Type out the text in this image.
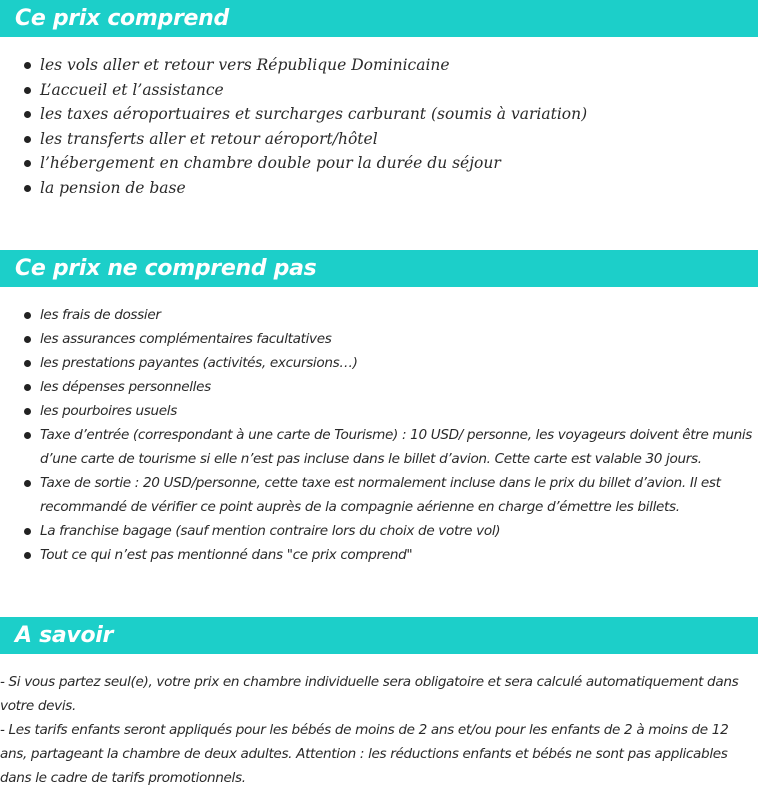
Ce prix comprend
les vols aller et retour vers République Dominicaine
L’accueil et l’assistance
les taxes aéroportuaires et surcharges carburant (soumis à variation)
les transferts aller et retour aéroport/hôtel
l’hébergement en chambre double pour la durée du séjour
la pension de base
Ce prix ne comprend pas
les frais de dossier
les assurances complémentaires facultatives
les prestations payantes (activités, excursions…)
les dépenses personnelles
les pourboires usuels
Taxe d’entrée (correspondant à une carte de Tourisme) : 10 USD/ personne, les voyageurs doivent être munis d’une carte de tourisme si elle n’est pas incluse dans le billet d’avion. Cette carte est valable 30 jours.
Taxe de sortie : 20 USD/personne, cette taxe est normalement incluse dans le prix du billet d’avion. Il est recommandé de vérifier ce point auprès de la compagnie aérienne en charge d’émettre les billets.
La franchise bagage (sauf mention contraire lors du choix de votre vol)
Tout ce qui n’est pas mentionné dans "ce prix comprend"
A savoir

- Si vous partez seul(e), votre prix en chambre individuelle sera obligatoire et sera calculé automatiquement dans votre devis.

- Les tarifs enfants seront appliqués pour les bébés de moins de 2 ans et/ou pour les enfants de 2 à moins de 12 ans, partageant la chambre de deux adultes. Attention : les réductions enfants et bébés ne sont pas applicables dans le cadre de tarifs promotionnels.
